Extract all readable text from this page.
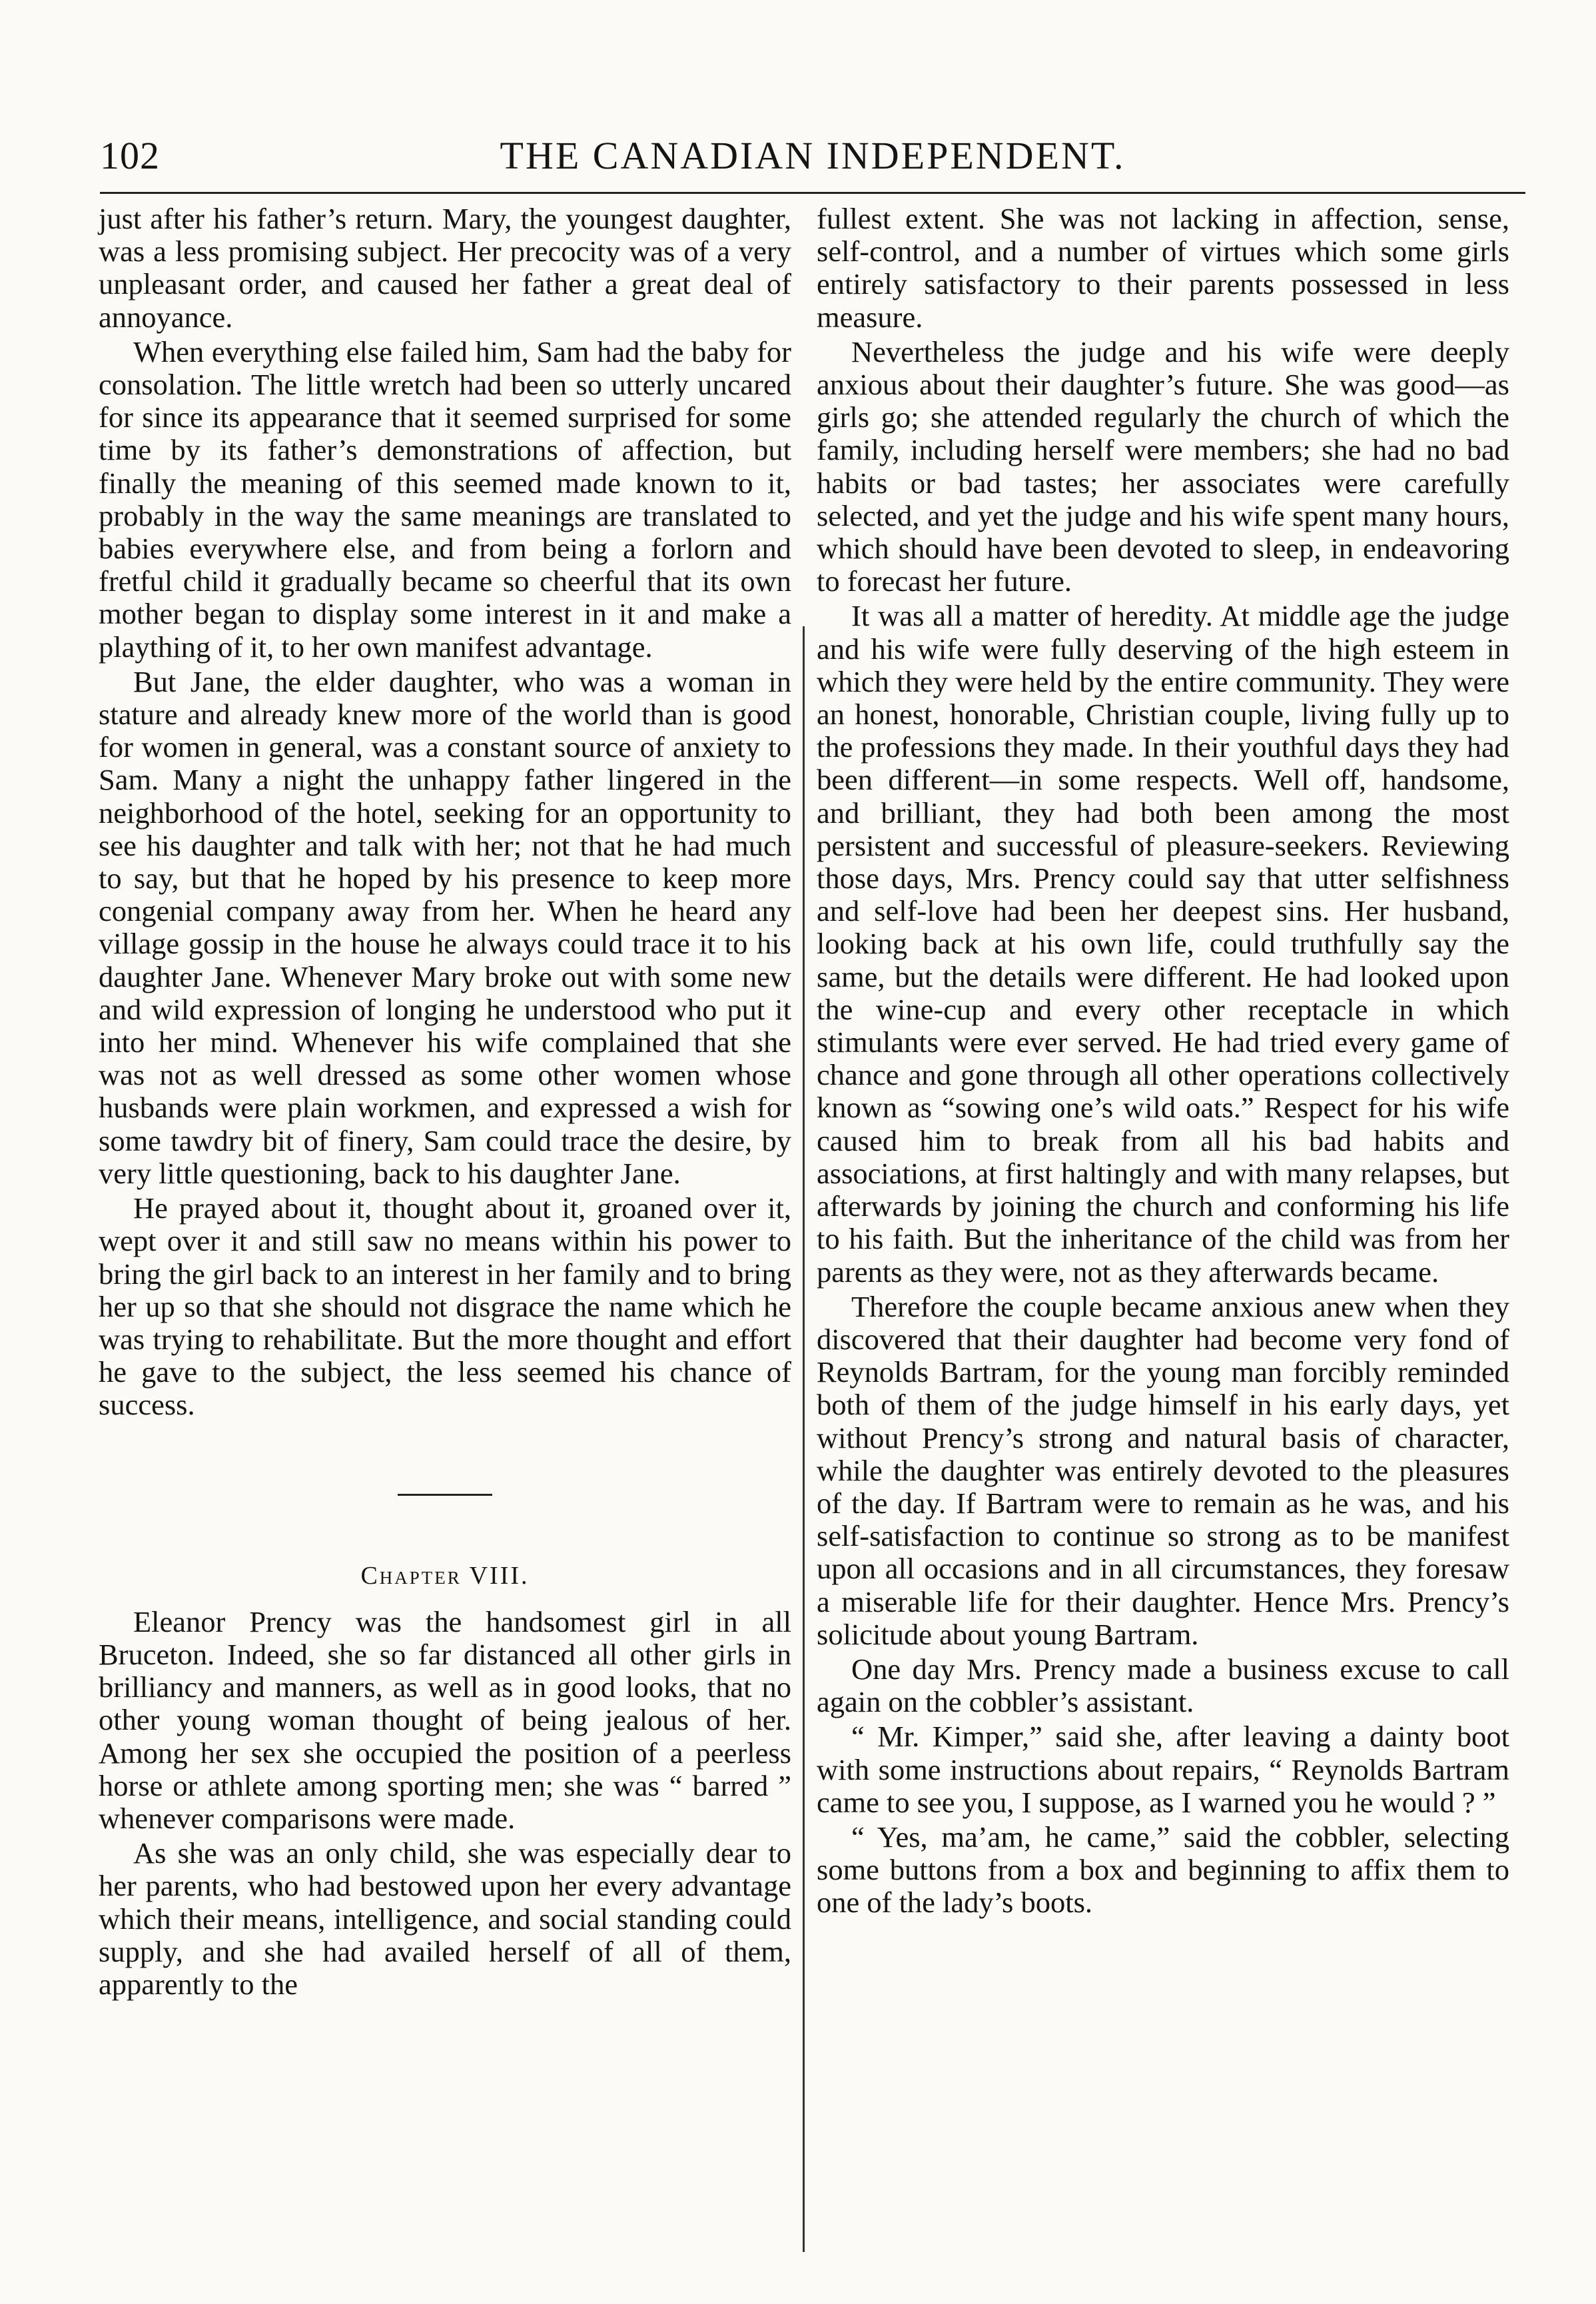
102	THE CANADIAN INDEPENDENT.

just after his father’s return. Mary, the youngest daughter, was a less promising subject. Her precocity was of a very unpleasant order, and caused her father a great deal of annoyance.

When everything else failed him, Sam had the baby for consolation. The little wretch had been so utterly uncared for since its appearance that it seemed surprised for some time by its father’s demonstrations of affection, but finally the meaning of this seemed made known to it, probably in the way the same meanings are translated to babies everywhere else, and from being a forlorn and fretful child it gradually became so cheerful that its own mother began to display some interest in it and make a plaything of it, to her own manifest advantage.

But Jane, the elder daughter, who was a woman in stature and already knew more of the world than is good for women in general, was a constant source of anxiety to Sam. Many a night the unhappy father lingered in the neighborhood of the hotel, seeking for an opportunity to see his daughter and talk with her; not that he had much to say, but that he hoped by his presence to keep more congenial company away from her. When he heard any village gossip in the house he always could trace it to his daughter Jane. Whenever Mary broke out with some new and wild expression of longing he understood who put it into her mind. Whenever his wife complained that she was not as well dressed as some other women whose husbands were plain workmen, and expressed a wish for some tawdry bit of finery, Sam could trace the desire, by very little questioning, back to his daughter Jane.

He prayed about it, thought about it, groaned over it, wept over it and still saw no means within his power to bring the girl back to an interest in her family and to bring her up so that she should not disgrace the name which he was trying to rehabilitate. But the more thought and effort he gave to the subject, the less seemed his chance of success.

Chapter VIII.

Eleanor Prency was the handsomest girl in all Bruceton. Indeed, she so far distanced all other girls in brilliancy and manners, as well as in good looks, that no other young woman thought of being jealous of her. Among her sex she occupied the position of a peerless horse or athlete among sporting men; she was “ barred ” whenever comparisons were made.

As she was an only child, she was especially dear to her parents, who had bestowed upon her every advantage which their means, intelligence, and social standing could supply, and she had availed herself of all of them, apparently to the

fullest extent. She was not lacking in affection, sense, self-control, and a number of virtues which some girls entirely satisfactory to their parents possessed in less measure.

Nevertheless the judge and his wife were deeply anxious about their daughter’s future. She was good—as girls go; she attended regularly the church of which the family, including herself were members; she had no bad habits or bad tastes; her associates were carefully selected, and yet the judge and his wife spent many hours, which should have been devoted to sleep, in endeavoring to forecast her future.

It was all a matter of heredity. At middle age the judge and his wife were fully deserving of the high esteem in which they were held by the entire community. They were an honest, honorable, Christian couple, living fully up to the professions they made. In their youthful days they had been different—in some respects. Well off, handsome, and brilliant, they had both been among the most persistent and successful of pleasure-seekers. Reviewing those days, Mrs. Prency could say that utter selfishness and self-love had been her deepest sins. Her husband, looking back at his own life, could truthfully say the same, but the details were different. He had looked upon the wine-cup and every other receptacle in which stimulants were ever served. He had tried every game of chance and gone through all other operations collectively known as “sowing one’s wild oats.” Respect for his wife caused him to break from all his bad habits and associations, at first haltingly and with many relapses, but afterwards by joining the church and conforming his life to his faith. But the inheritance of the child was from her parents as they were, not as they afterwards became.

Therefore the couple became anxious anew when they discovered that their daughter had become very fond of Reynolds Bartram, for the young man forcibly reminded both of them of the judge himself in his early days, yet without Prency’s strong and natural basis of character, while the daughter was entirely devoted to the pleasures of the day. If Bartram were to remain as he was, and his self-satisfaction to continue so strong as to be manifest upon all occasions and in all circumstances, they foresaw a miserable life for their daughter. Hence Mrs. Prency’s solicitude about young Bartram.

One day Mrs. Prency made a business excuse to call again on the cobbler’s assistant.

“ Mr. Kimper,” said she, after leaving a dainty boot with some instructions about repairs, “ Reynolds Bartram came to see you, I suppose, as I warned you he would ? ”

“ Yes, ma’am, he came,” said the cobbler, selecting some buttons from a box and beginning to affix them to one of the lady’s boots.
